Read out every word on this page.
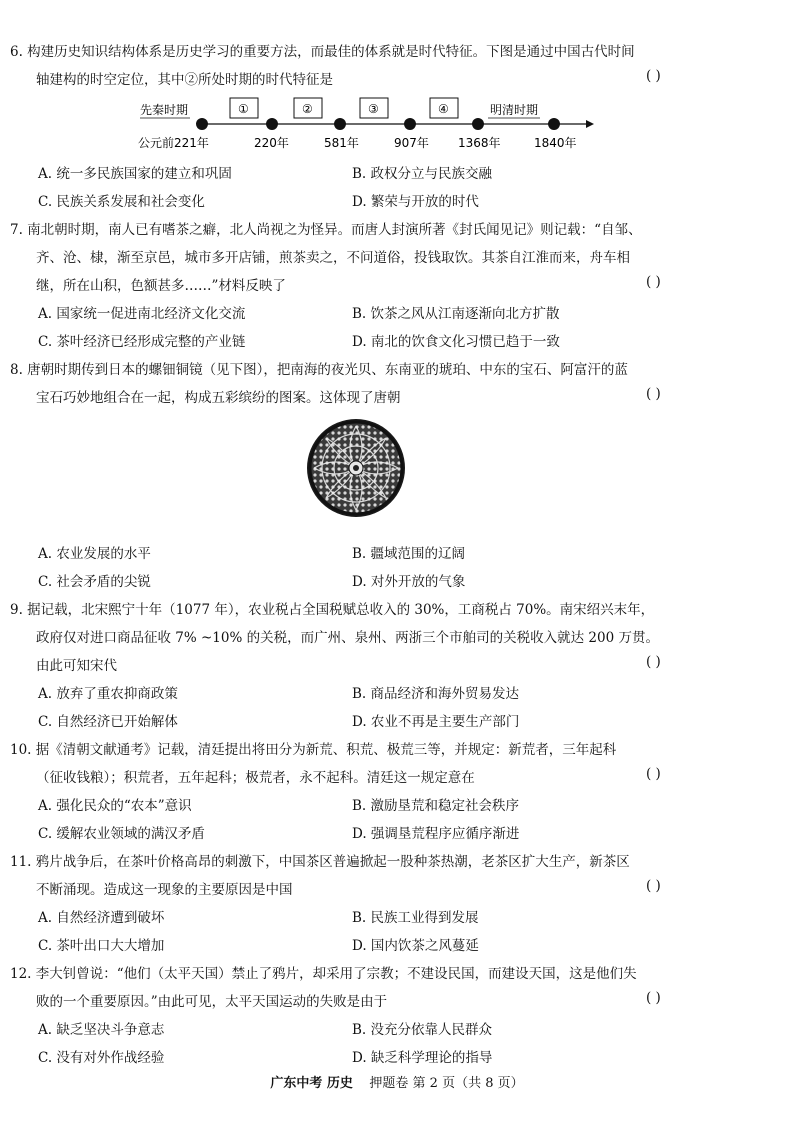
6. 构建历史知识结构体系是历史学习的重要方法，而最佳的体系就是时代特征。下图是通过中国古代时间
轴建构的时空定位，其中②所处时期的时代特征是	( )
先秦时期	明清时期
①	②	③	④
公元前221年	220年	581年	907年 1368年	1840年
A. 统一多民族国家的建立和巩固	B. 政权分立与民族交融
C. 民族关系发展和社会变化	D. 繁荣与开放的时代
7. 南北朝时期，南人已有嗜茶之癖，北人尚视之为怪异。而唐人封演所著《封氏闻见记》则记载：“自邹、
齐、沧、棣，渐至京邑，城市多开店铺，煎茶卖之，不问道俗，投钱取饮。其茶自江淮而来，舟车相
继，所在山积，色额甚多……”材料反映了	( )
A. 国家统一促进南北经济文化交流	B. 饮茶之风从江南逐渐向北方扩散
C. 茶叶经济已经形成完整的产业链	D. 南北的饮食文化习惯已趋于一致
8. 唐朝时期传到日本的螺钿铜镜（见下图），把南海的夜光贝、东南亚的琥珀、中东的宝石、阿富汗的蓝
宝石巧妙地组合在一起，构成五彩缤纷的图案。这体现了唐朝	( )
A. 农业发展的水平	B. 疆域范围的辽阔
C. 社会矛盾的尖锐	D. 对外开放的气象
9. 据记载，北宋熙宁十年（1077 年），农业税占全国税赋总收入的 30%，工商税占 70%。南宋绍兴末年，
政府仅对进口商品征收 7% ~10% 的关税，而广州、泉州、两浙三个市舶司的关税收入就达 200 万贯。
由此可知宋代	( )
A. 放弃了重农抑商政策	B. 商品经济和海外贸易发达
C. 自然经济已开始解体	D. 农业不再是主要生产部门
10. 据《清朝文献通考》记载，清廷提出将田分为新荒、积荒、极荒三等，并规定：新荒者，三年起科
（征收钱粮）；积荒者，五年起科；极荒者，永不起科。清廷这一规定意在	( )
A. 强化民众的“农本”意识	B. 激励垦荒和稳定社会秩序
C. 缓解农业领域的满汉矛盾	D. 强调垦荒程序应循序渐进
11. 鸦片战争后，在茶叶价格高昂的刺激下，中国茶区普遍掀起一股种茶热潮，老茶区扩大生产，新茶区
不断涌现。造成这一现象的主要原因是中国	( )
A. 自然经济遭到破坏	B. 民族工业得到发展
C. 茶叶出口大大增加	D. 国内饮茶之风蔓延
12. 李大钊曾说：“他们（太平天国）禁止了鸦片，却采用了宗教；不建设民国，而建设天国，这是他们失
败的一个重要原因。”由此可见，太平天国运动的失败是由于	( )
A. 缺乏坚决斗争意志	B. 没充分依靠人民群众
C. 没有对外作战经验	D. 缺乏科学理论的指导
广东中考 历史 押题卷 第 2 页（共 8 页）
